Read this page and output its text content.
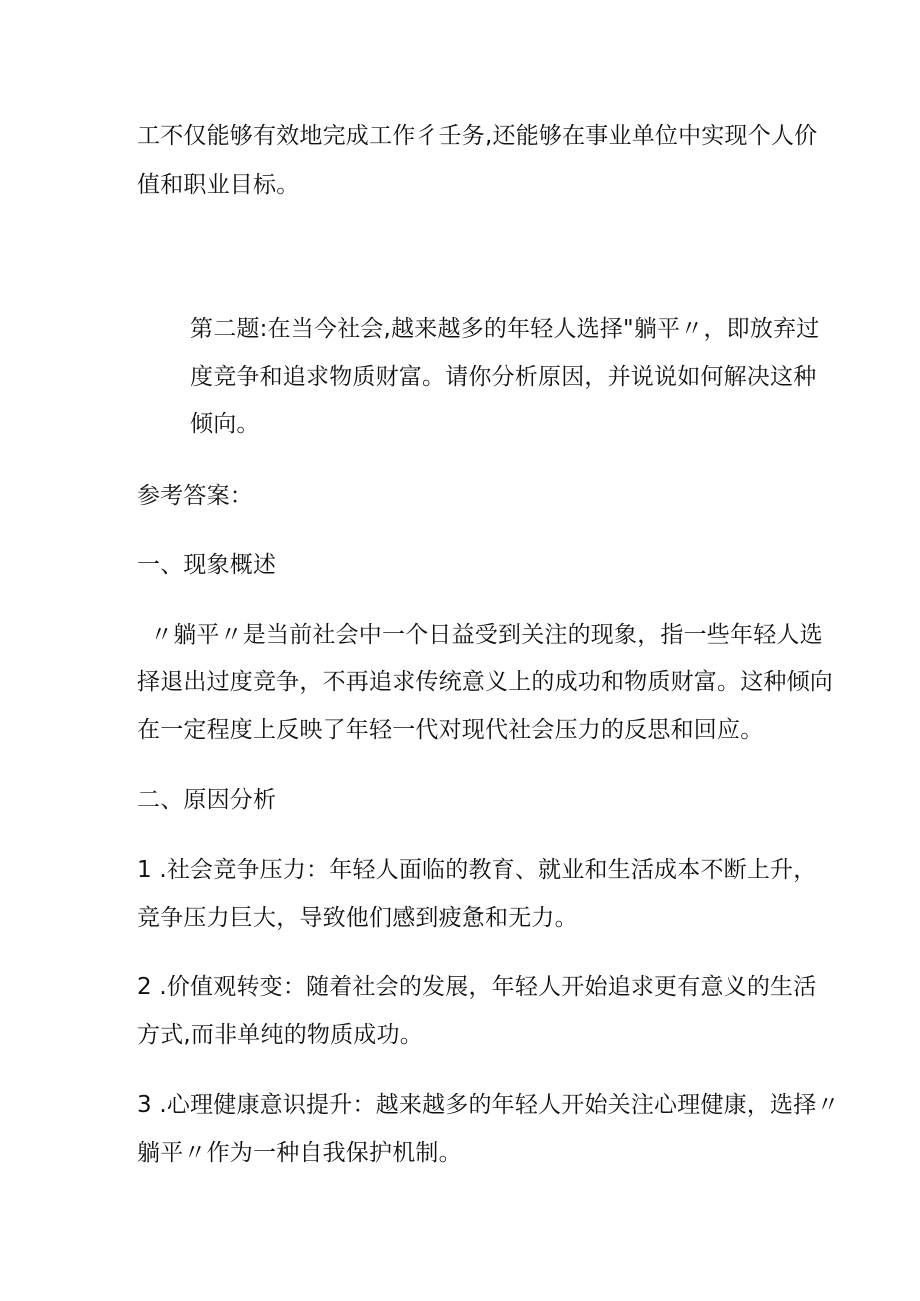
工不仅能够有效地完成工作彳壬务,还能够在事业单位中实现个人价
值和职业目标。
第二题:在当今社会,越来越多的年轻人选择"躺平〃，即放弃过
度竞争和追求物质财富。请你分析原因，并说说如何解决这种
倾向。
参考答案：
一、现象概述
〃躺平〃是当前社会中一个日益受到关注的现象，指一些年轻人选
择退出过度竞争，不再追求传统意义上的成功和物质财富。这种倾向
在一定程度上反映了年轻一代对现代社会压力的反思和回应。
二、原因分析
1 .社会竞争压力：年轻人面临的教育、就业和生活成本不断上升，
竞争压力巨大，导致他们感到疲惫和无力。
2 .价值观转变：随着社会的发展，年轻人开始追求更有意义的生活
方式,而非单纯的物质成功。
3 .心理健康意识提升：越来越多的年轻人开始关注心理健康，选择〃
躺平〃作为一种自我保护机制。
